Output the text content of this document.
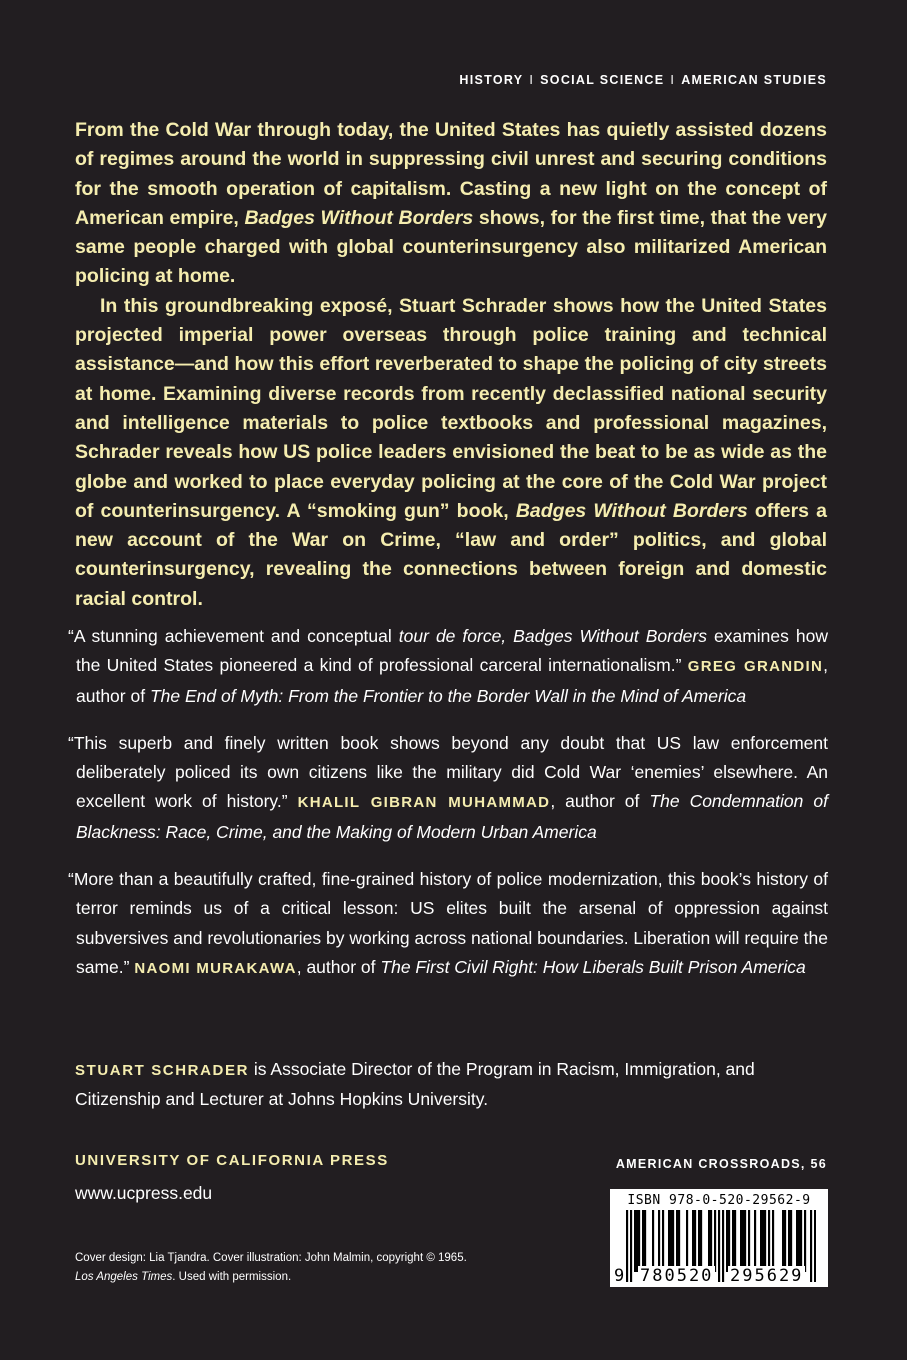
HISTORY I SOCIAL SCIENCE I AMERICAN STUDIES

From the Cold War through today, the United States has quietly assisted dozens of regimes around the world in suppressing civil unrest and securing conditions for the smooth operation of capitalism. Casting a new light on the concept of American empire, Badges Without Borders shows, for the first time, that the very same people charged with global counterinsurgency also militarized American policing at home.

In this groundbreaking exposé, Stuart Schrader shows how the United States projected imperial power overseas through police training and technical assistance—and how this effort reverberated to shape the policing of city streets at home. Examining diverse records from recently declassified national security and intelligence materials to police textbooks and professional magazines, Schrader reveals how US police leaders envisioned the beat to be as wide as the globe and worked to place everyday policing at the core of the Cold War project of counterinsurgency. A “smoking gun” book, Badges Without Borders offers a new account of the War on Crime, “law and order” politics, and global counterinsurgency, revealing the connections between foreign and domestic racial control.

“A stunning achievement and conceptual tour de force, Badges Without Borders examines how the United States pioneered a kind of professional carceral internationalism.” GREG GRANDIN, author of The End of Myth: From the Frontier to the Border Wall in the Mind of America

“This superb and finely written book shows beyond any doubt that US law enforcement deliberately policed its own citizens like the military did Cold War ‘enemies’ elsewhere. An excellent work of history.” KHALIL GIBRAN MUHAMMAD, author of The Condemnation of Blackness: Race, Crime, and the Making of Modern Urban America

“More than a beautifully crafted, fine-grained history of police modernization, this book’s history of terror reminds us of a critical lesson: US elites built the arsenal of oppression against subversives and revolutionaries by working across national boundaries. Liberation will require the same.” NAOMI MURAKAWA, author of The First Civil Right: How Liberals Built Prison America

STUART SCHRADER is Associate Director of the Program in Racism, Immigration, and Citizenship and Lecturer at Johns Hopkins University.
UNIVERSITY OF CALIFORNIA PRESS
www.ucpress.edu
Cover design: Lia Tjandra. Cover illustration: John Malmin, copyright © 1965. Los Angeles Times. Used with permission.
AMERICAN CROSSROADS, 56
ISBN 978-0-520-29562-9
9 780520 295629
